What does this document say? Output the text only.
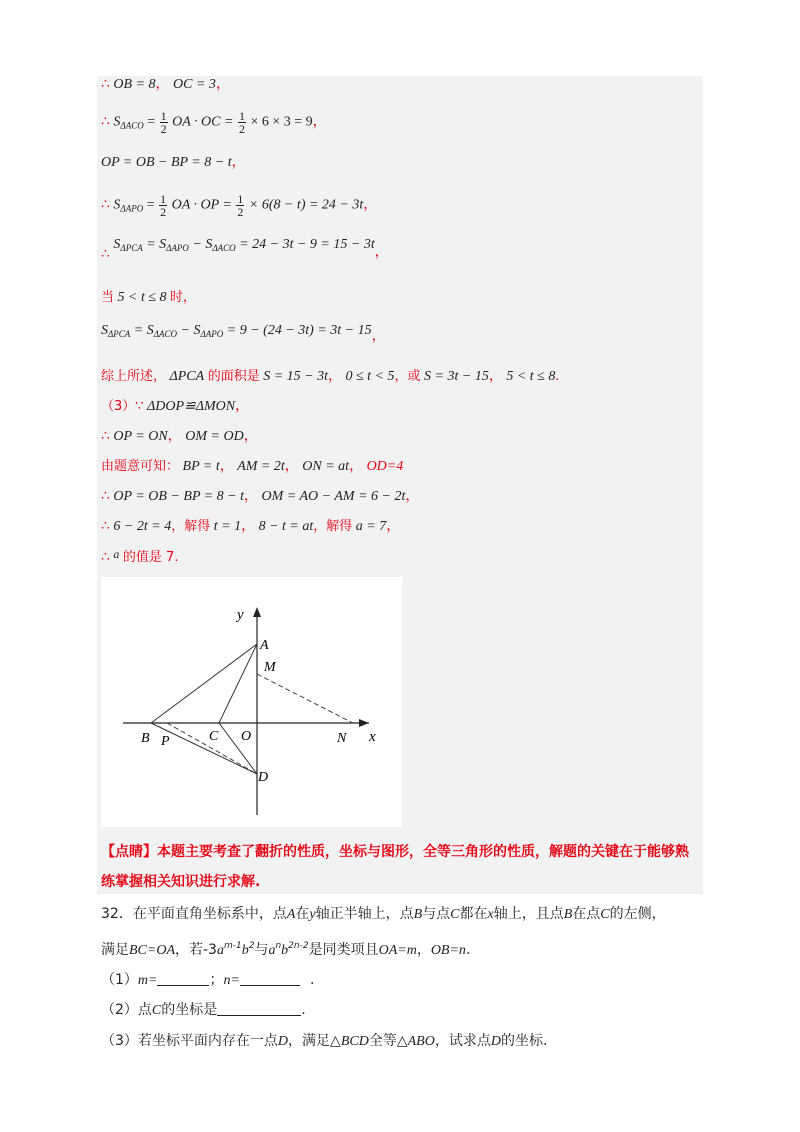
∴ OB = 8， OC = 3，
∴ $S_{\Delta ACO} = \frac{1}{2}$ OA · OC = $\frac{1}{2} \times 6 \times 3 = 9$，
OP = OB − BP = 8 − t，
∴ $S_{\Delta APO} = \frac{1}{2}$ OA · OP = $\frac{1}{2} \times 6(8 - t) = 24 - 3t$，
∴ $S_{\Delta PCA} = S_{\Delta APO} - S_{\Delta ACO} = 24 - 3t - 9 = 15 - 3t$，
当 5 < t ≤ 8 时，
$S_{\Delta PCA} = S_{\Delta ACO} - S_{\Delta APO} = 9 - (24 - 3t) = 3t - 15$，
综上所述， ΔPCA 的面积是 S = 15 − 3t， 0 ≤ t < 5，或 S = 3t − 15， 5 < t ≤ 8.
（3）∵ ΔDOP≌ΔMON，
∴ OP = ON， OM = OD，
由题意可知： BP = t， AM = 2t， ON = at， OD=4
∴ OP = OB − BP = 8 − t， OM = AO − AM = 6 − 2t，
∴ 6 − 2t = 4，解得 t = 1， 8 − t = at，解得 a = 7，
∴ a 的值是 7.
y
x
A
M
B P	C O	N
D
【点睛】本题主要考查了翻折的性质，坐标与图形，全等三角形的性质，解题的关键在于能够熟
练掌握相关知识进行求解.
32．在平面直角坐标系中，点A在y轴正半轴上，点B与点C都在x轴上，且点B在点C的左侧，
满足BC=OA，若$-3a^{m-1}b^2$与$a^nb^{2n-2}$是同类项且OA=m，OB=n.
（1）m=	；n=	.
（2）点C的坐标是	.
（3）若坐标平面内存在一点D，满足△BCD全等△ABO，试求点D的坐标.
